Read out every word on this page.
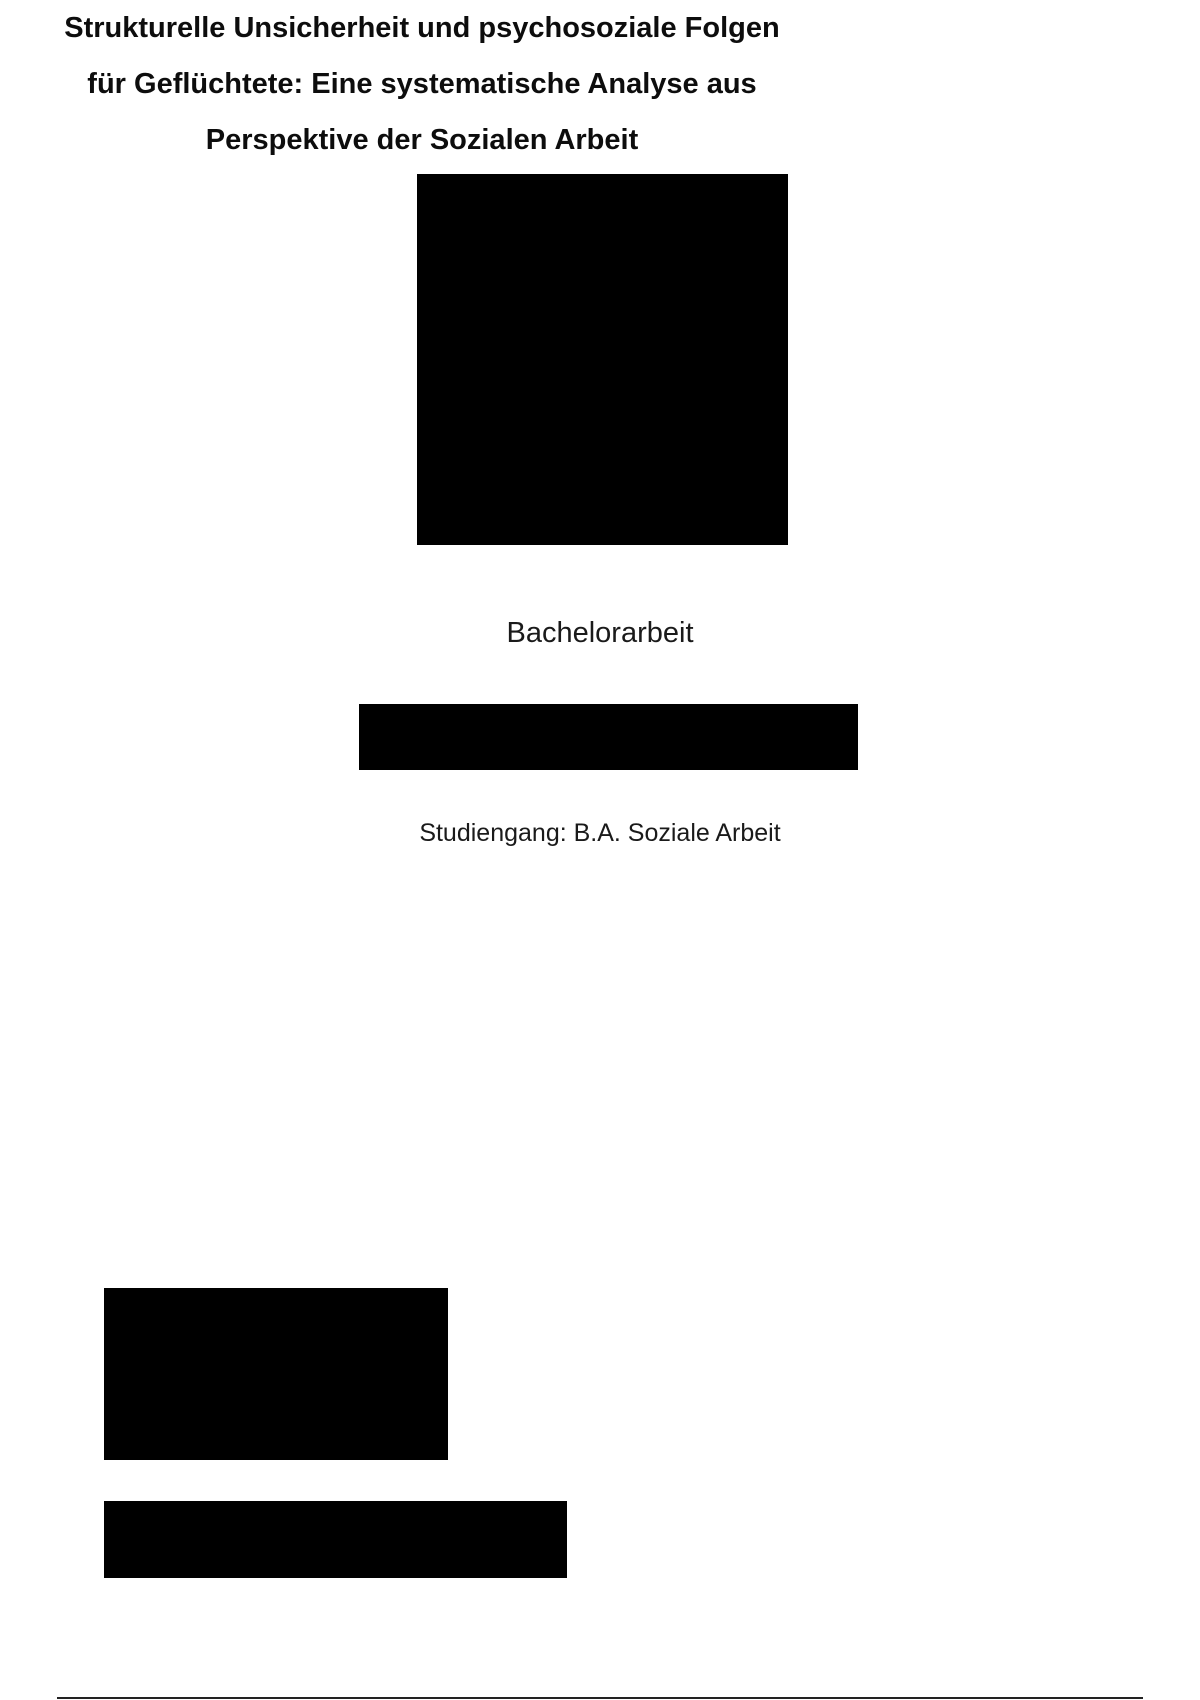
Bachelorarbeit
Studiengang: B.A. Soziale Arbeit
Strukturelle Unsicherheit und psychosoziale Folgen
für Geflüchtete: Eine systematische Analyse aus
Perspektive der Sozialen Arbeit
